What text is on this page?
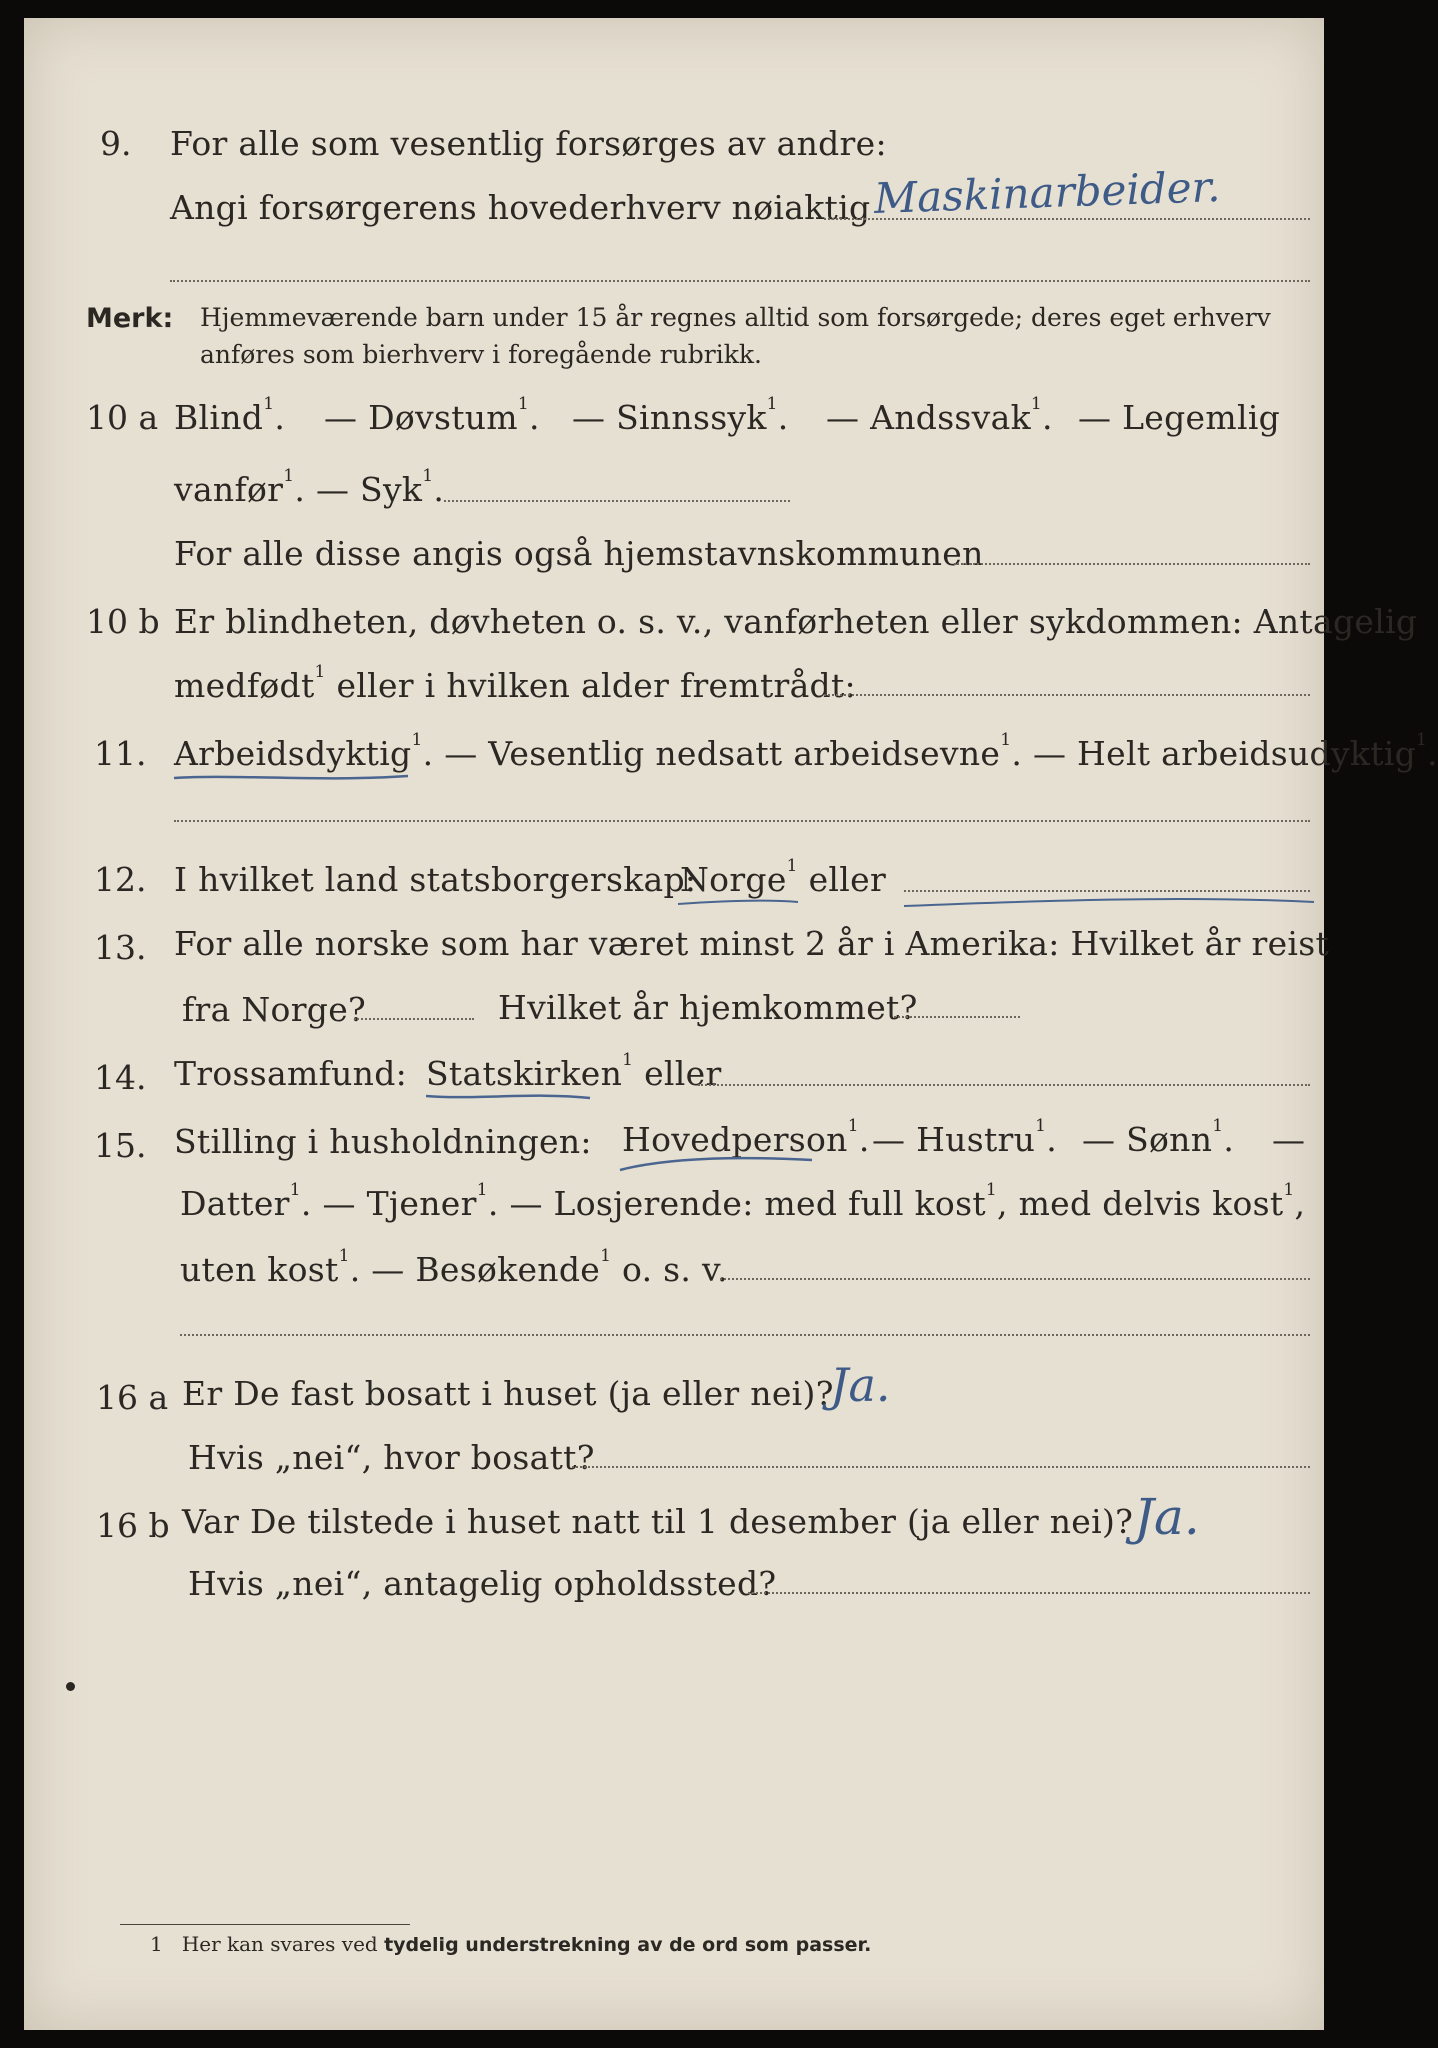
9. For alle som vesentlig forsørges av andre:
Angi forsørgerens hovederhverv nøiaktig Maskinarbeider.
Merk: Hjemmeværende barn under 15 år regnes alltid som forsørgede; deres eget erhverv
anføres som bierhverv i foregående rubrikk.
10 a Blind$^1$. — Døvstum$^1$. — Sinnssyk$^1$. — Andssvak$^1$. — Legemlig
vanfør$^1$. — Syk$^1$.
For alle disse angis også hjemstavnskommunen
10 b Er blindheten, døvheten o. s. v., vanførheten eller sykdommen: Antagelig
medfødt$^1$ eller i hvilken alder fremtrådt:
11. Arbeidsdyktig$^1$. — Vesentlig nedsatt arbeidsevne$^1$. — Helt arbeidsudyktig$^1$.
12. I hvilket land statsborgerskap:
Norge$^1$ eller
13. For alle norske som har været minst 2 år i Amerika: Hvilket år reist
fra Norge?	Hvilket år hjemkommet?
14. Trossamfund: Statskirken$^1$ eller
15. Stilling i husholdningen: Hovedperson$^1$. — Hustru$^1$. — Sønn$^1$. —
Datter$^1$. — Tjener$^1$. — Losjerende: med full kost$^1$, med delvis kost$^1$,
uten kost$^1$. — Besøkende$^1$ o. s. v.
16 a Er De fast bosatt i huset (ja eller nei)?
Ja.
Hvis „nei“, hvor bosatt?
16 b Var De tilstede i huset natt til 1 desember (ja eller nei)? Ja.
Hvis „nei“, antagelig opholdssted?
1 Her kan svares ved tydelig understrekning av de ord som passer.
